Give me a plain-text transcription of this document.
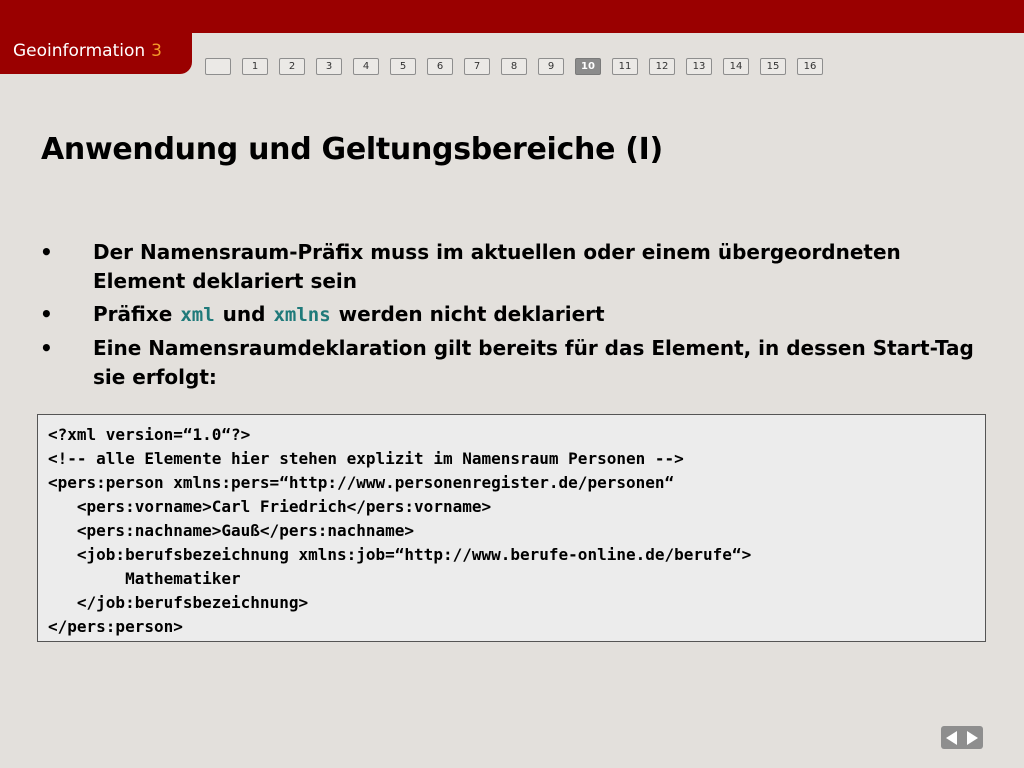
Geoinformation 3
1	2	3	4	5	6	7	8	9	10	11	12	13	14	15	16
Anwendung und Geltungsbereiche (I)
• Der Namensraum-Präfix muss im aktuellen oder einem übergeordneten Element deklariert sein
• Präfixe xml und xmlns werden nicht deklariert
• Eine Namensraumdeklaration gilt bereits für das Element, in dessen Start-Tag sie erfolgt:
<?xml version=“1.0“?>
<!-- alle Elemente hier stehen explizit im Namensraum Personen -->
<pers:person xmlns:pers=“http://www.personenregister.de/personen“
<pers:vorname>Carl Friedrich</pers:vorname>
<pers:nachname>Gauß</pers:nachname>
<job:berufsbezeichnung xmlns:job=“http://www.berufe-online.de/berufe“>
Mathematiker
</job:berufsbezeichnung>
</pers:person>
